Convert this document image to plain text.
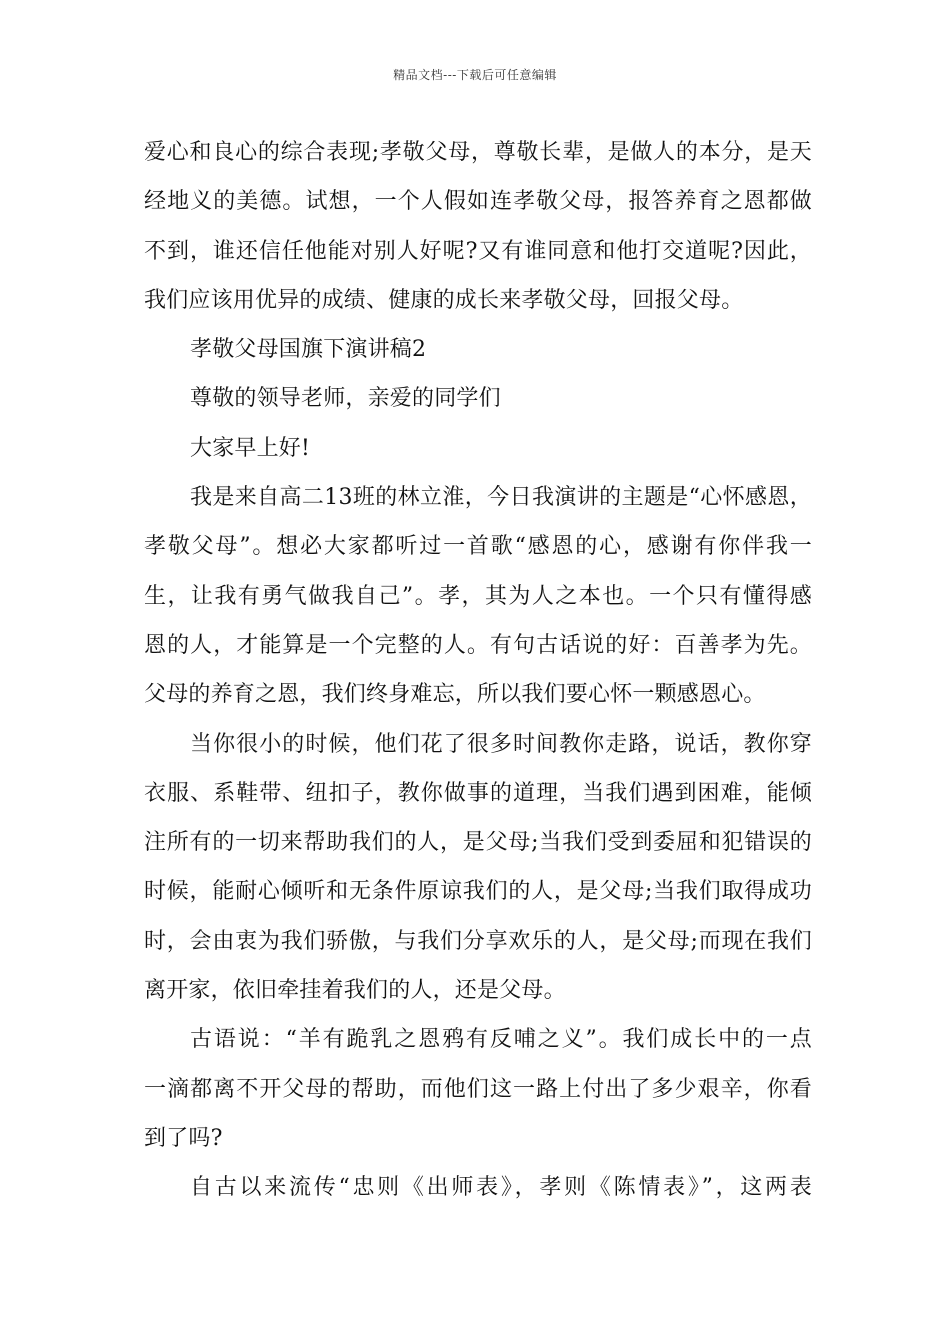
精品文档---下载后可任意编辑
爱心和良心的综合表现;孝敬父母，尊敬长辈，是做人的本分，是天
经地义的美德。试想，一个人假如连孝敬父母，报答养育之恩都做
不到，谁还信任他能对别人好呢?又有谁同意和他打交道呢?因此，
我们应该用优异的成绩、健康的成长来孝敬父母，回报父母。
孝敬父母国旗下演讲稿2
尊敬的领导老师，亲爱的同学们
大家早上好!
我是来自高二13班的林立淮，今日我演讲的主题是“心怀感恩，
孝敬父母”。想必大家都听过一首歌“感恩的心，感谢有你伴我一
生，让我有勇气做我自己”。孝，其为人之本也。一个只有懂得感
恩的人，才能算是一个完整的人。有句古话说的好：百善孝为先。
父母的养育之恩，我们终身难忘，所以我们要心怀一颗感恩心。
当你很小的时候，他们花了很多时间教你走路，说话，教你穿
衣服、系鞋带、纽扣子，教你做事的道理，当我们遇到困难，能倾
注所有的一切来帮助我们的人，是父母;当我们受到委屈和犯错误的
时候，能耐心倾听和无条件原谅我们的人，是父母;当我们取得成功
时，会由衷为我们骄傲，与我们分享欢乐的人，是父母;而现在我们
离开家，依旧牵挂着我们的人，还是父母。
古语说：“羊有跪乳之恩鸦有反哺之义”。我们成长中的一点
一滴都离不开父母的帮助，而他们这一路上付出了多少艰辛，你看
到了吗?
自古以来流传“忠则《出师表》，孝则《陈情表》”，这两表
